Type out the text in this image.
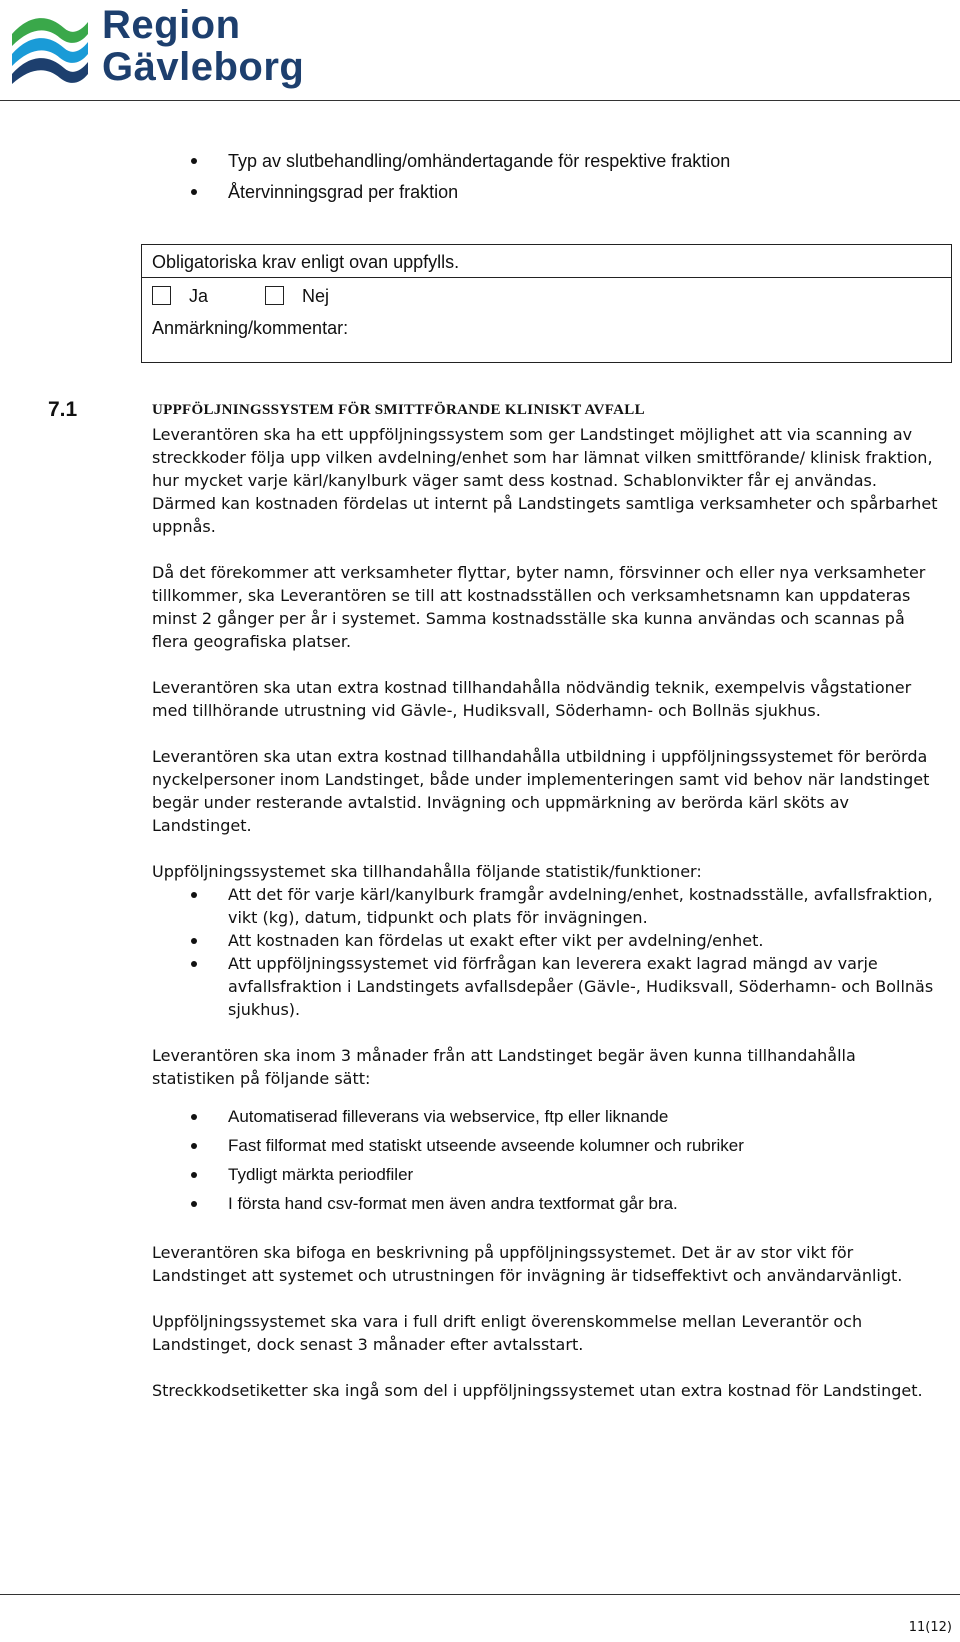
Region
Gävleborg
Typ av slutbehandling/omhändertagande för respektive fraktion
Återvinningsgrad per fraktion
Obligatoriska krav enligt ovan uppfylls.
Ja	Nej
Anmärkning/kommentar:
7.1	UPPFÖLJNINGSSYSTEM FÖR SMITTFÖRANDE KLINISKT AVFALL

Leverantören ska ha ett uppföljningssystem som ger Landstinget möjlighet att via scanning av streckkoder följa upp vilken avdelning/enhet som har lämnat vilken smittförande/ klinisk fraktion, hur mycket varje kärl/kanylburk väger samt dess kostnad. Schablonvikter får ej användas. Därmed kan kostnaden fördelas ut internt på Landstingets samtliga verksamheter och spårbarhet uppnås.

Då det förekommer att verksamheter flyttar, byter namn, försvinner och eller nya verksamheter tillkommer, ska Leverantören se till att kostnadsställen och verksamhetsnamn kan uppdateras minst 2 gånger per år i systemet. Samma kostnadsställe ska kunna användas och scannas på flera geografiska platser.

Leverantören ska utan extra kostnad tillhandahålla nödvändig teknik, exempelvis vågstationer med tillhörande utrustning vid Gävle-, Hudiksvall, Söderhamn- och Bollnäs sjukhus.

Leverantören ska utan extra kostnad tillhandahålla utbildning i uppföljningssystemet för berörda nyckelpersoner inom Landstinget, både under implementeringen samt vid behov när landstinget begär under resterande avtalstid. Invägning och uppmärkning av berörda kärl sköts av Landstinget.

Uppföljningssystemet ska tillhandahålla följande statistik/funktioner:

Att det för varje kärl/kanylburk framgår avdelning/enhet, kostnadsställe, avfallsfraktion, vikt (kg), datum, tidpunkt och plats för invägningen.
Att kostnaden kan fördelas ut exakt efter vikt per avdelning/enhet.
Att uppföljningssystemet vid förfrågan kan leverera exakt lagrad mängd av varje avfallsfraktion i Landstingets avfallsdepåer (Gävle-, Hudiksvall, Söderhamn- och Bollnäs sjukhus).

Leverantören ska inom 3 månader från att Landstinget begär även kunna tillhandahålla statistiken på följande sätt:

Automatiserad filleverans via webservice, ftp eller liknande
Fast filformat med statiskt utseende avseende kolumner och rubriker
Tydligt märkta periodfiler
I första hand csv-format men även andra textformat går bra.

Leverantören ska bifoga en beskrivning på uppföljningssystemet. Det är av stor vikt för Landstinget att systemet och utrustningen för invägning är tidseffektivt och användarvänligt.

Uppföljningssystemet ska vara i full drift enligt överenskommelse mellan Leverantör och Landstinget, dock senast 3 månader efter avtalsstart.

Streckkodsetiketter ska ingå som del i uppföljningssystemet utan extra kostnad för Landstinget.

11(12)
